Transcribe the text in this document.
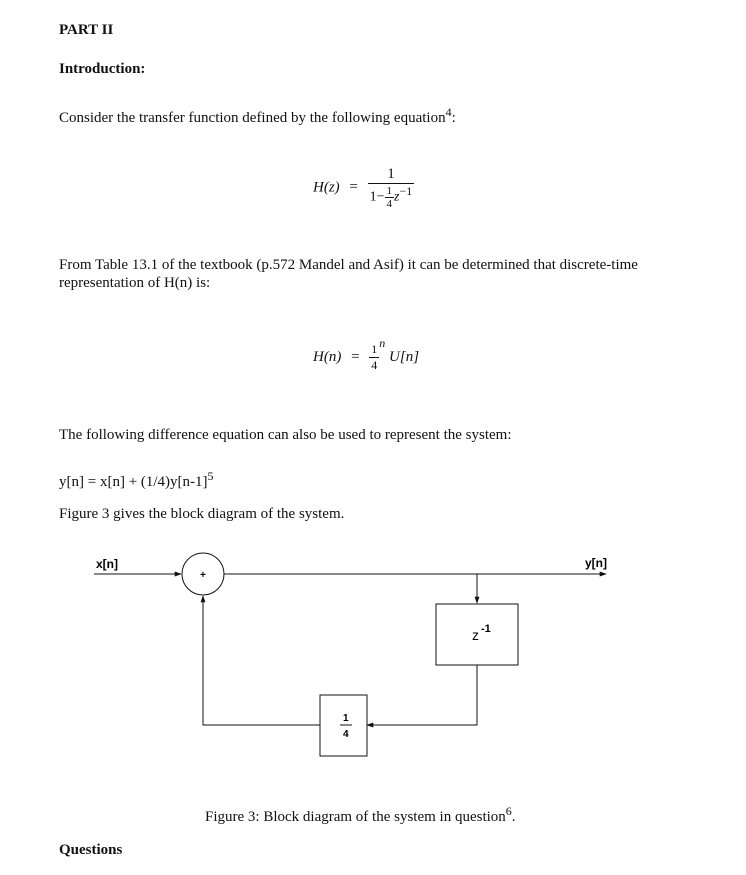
PART II
Introduction:
Consider the transfer function defined by the following equation$^4$:
$H(z) = \frac{1}{1- \frac{1}{4} z^{-1}}$
From Table 13.1 of the textbook (p.572 Mandel and Asif) it can be determined that discrete-time
representation of H(n) is:
$H(n) = \frac{1}{4} ^n$ U[n]
The following difference equation can also be used to represent the system:
$y[n] = x[n] + (1/4)y[n-1]^5$
Figure 3 gives the block diagram of the system.
x[n]	y[n]
+
z -1
1
4
Figure 3: Block diagram of the system in question$^6$.
Questions
